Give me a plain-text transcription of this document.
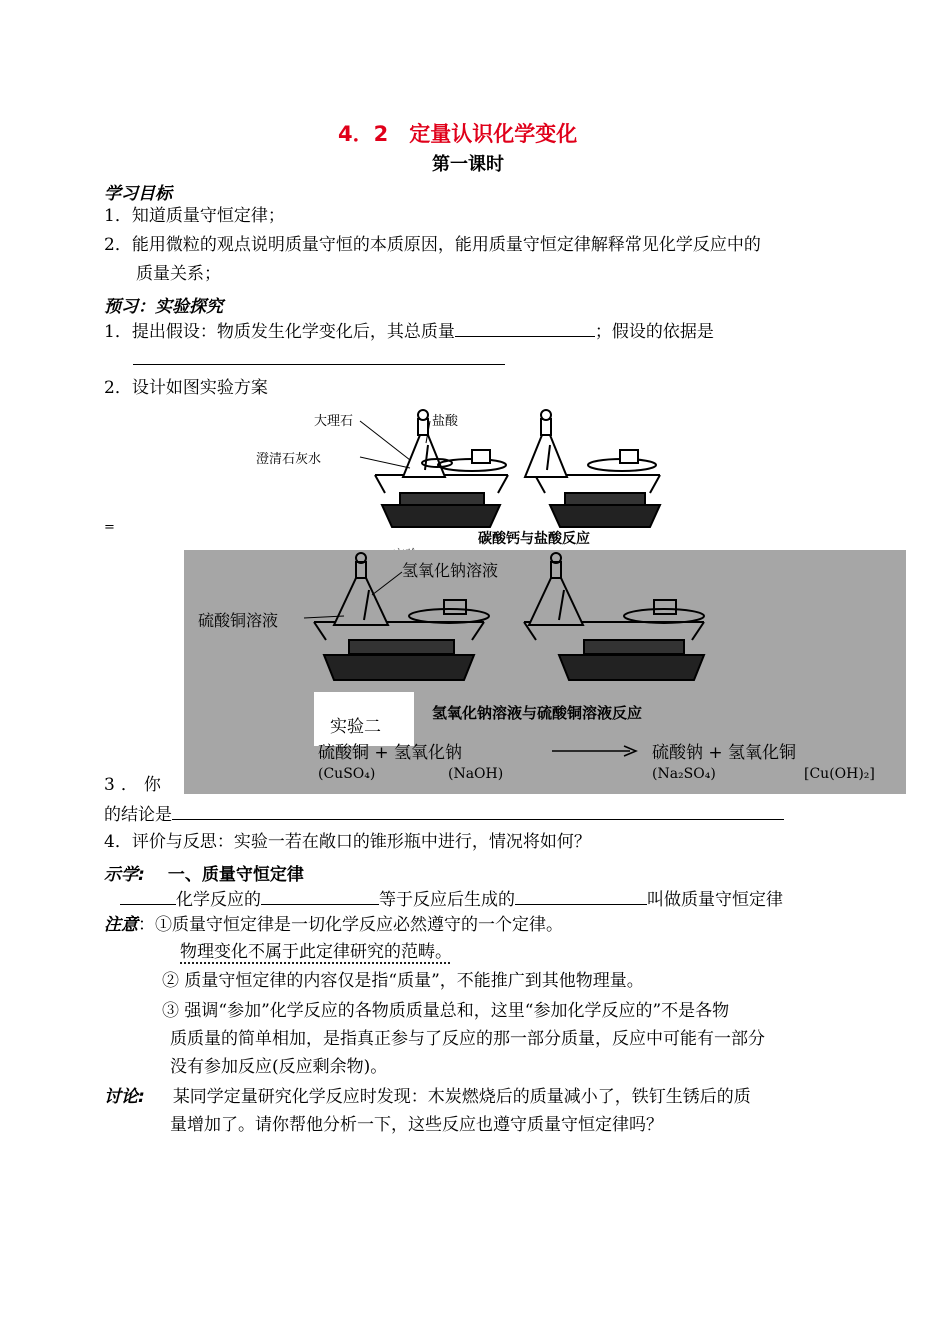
4．2　定量认识化学变化
第一课时
学习目标
1．知道质量守恒定律；
2．能用微粒的观点说明质量守恒的本质原因，能用质量守恒定律解释常见化学反应中的
质量关系；
预习：实验探究
1．提出假设：物质发生化学变化后，其总质量	；假设的依据是
2．设计如图实验方案
大理石	盐酸
澄清石灰水
=
碳酸钙与盐酸反应
氢氧化钠溶液
硫酸铜溶液
实验二
氢氧化钠溶液与硫酸铜溶液反应
硫酸铜 + 氢氧化钠	硫酸钠 + 氢氧化铜
(CuSO₄)	(NaOH)	(Na₂SO₄)	[Cu(OH)₂]
3．你
的结论是
4．评价与反思：实验一若在敞口的锥形瓶中进行，情况将如何？
示学: 一、质量守恒定律
化学反应的	等于反应后生成的	叫做质量守恒定律
注意：①质量守恒定律是一切化学反应必然遵守的一个定律。
物理变化不属于此定律研究的范畴。
② 质量守恒定律的内容仅是指“质量”，不能推广到其他物理量。
③ 强调“参加”化学反应的各物质质量总和，这里“参加化学反应的”不是各物
质质量的简单相加，是指真正参与了反应的那一部分质量，反应中可能有一部分
没有参加反应(反应剩余物)。
讨论: 某同学定量研究化学反应时发现：木炭燃烧后的质量减小了，铁钉生锈后的质
量增加了。请你帮他分析一下，这些反应也遵守质量守恒定律吗？
